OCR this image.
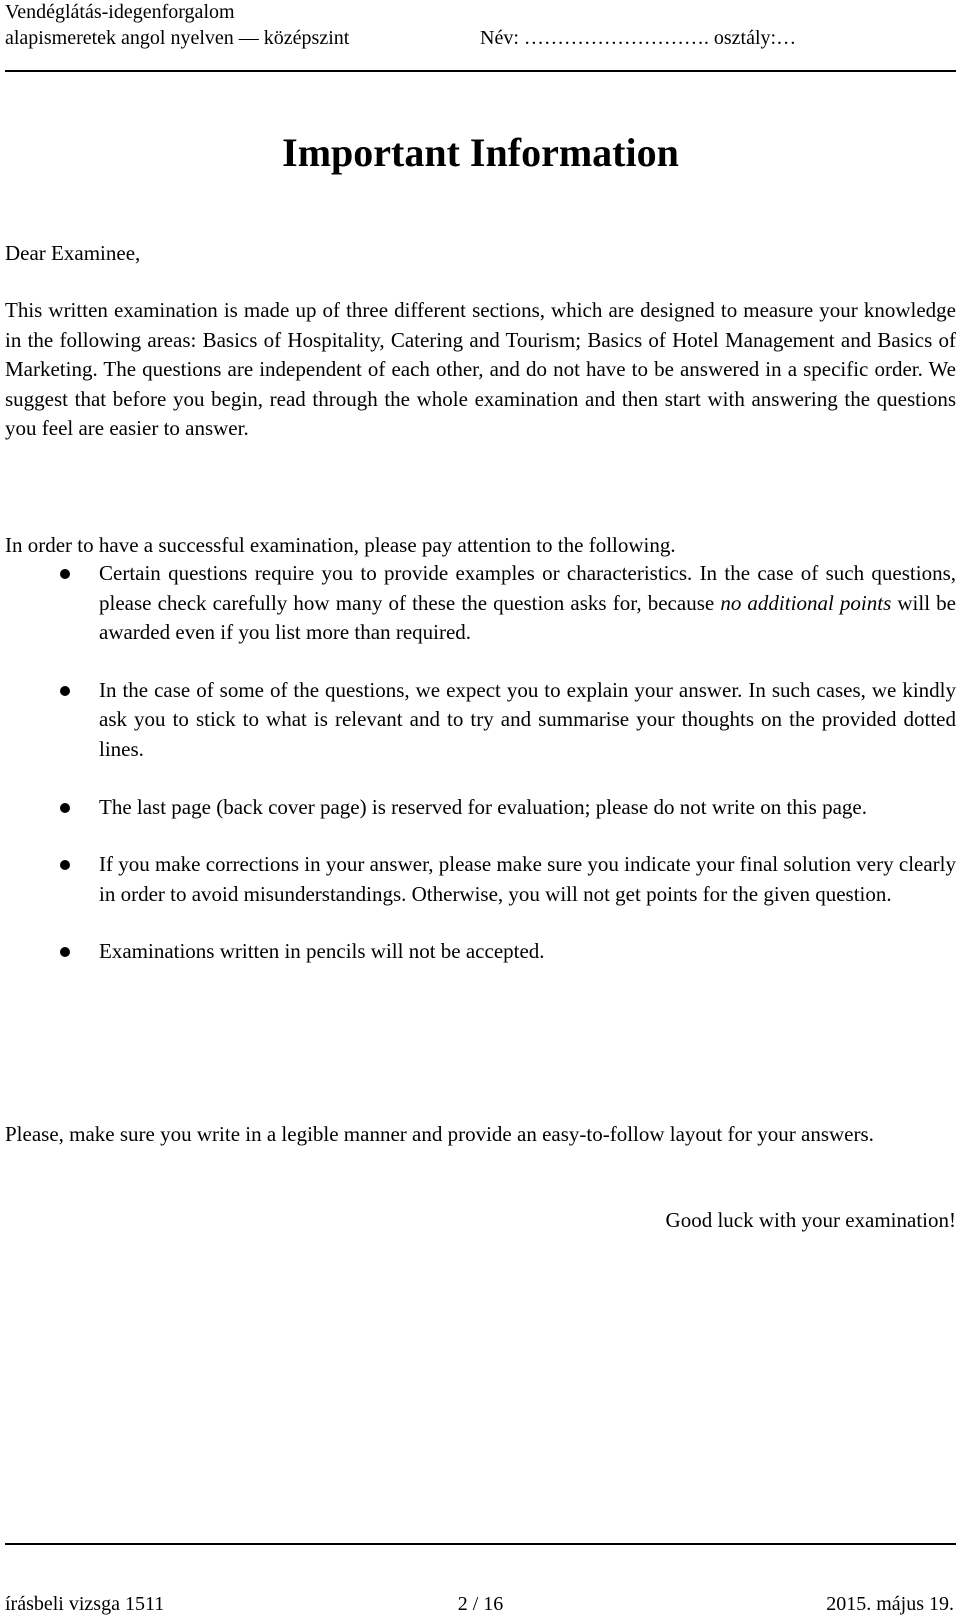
Vendéglátás-idegenforgalom
alapismeretek angol nyelven — középszint	Név: ………………………. osztály:…
Important Information
Dear Examinee,
This written examination is made up of three different sections, which are designed to measure your knowledge in the following areas: Basics of Hospitality, Catering and Tourism; Basics of Hotel Management and Basics of Marketing. The questions are independent of each other, and do not have to be answered in a specific order. We suggest that before you begin, read through the whole examination and then start with answering the questions you feel are easier to answer.
In order to have a successful examination, please pay attention to the following.
Certain questions require you to provide examples or characteristics. In the case of such questions, please check carefully how many of these the question asks for, because no additional points will be awarded even if you list more than required.
In the case of some of the questions, we expect you to explain your answer. In such cases, we kindly ask you to stick to what is relevant and to try and summarise your thoughts on the provided dotted lines.
The last page (back cover page) is reserved for evaluation; please do not write on this page.
If you make corrections in your answer, please make sure you indicate your final solution very clearly in order to avoid misunderstandings. Otherwise, you will not get points for the given question.
Examinations written in pencils will not be accepted.
Please, make sure you write in a legible manner and provide an easy-to-follow layout for your answers.
Good luck with your examination!
írásbeli vizsga 1511	2 / 16	2015. május 19.
